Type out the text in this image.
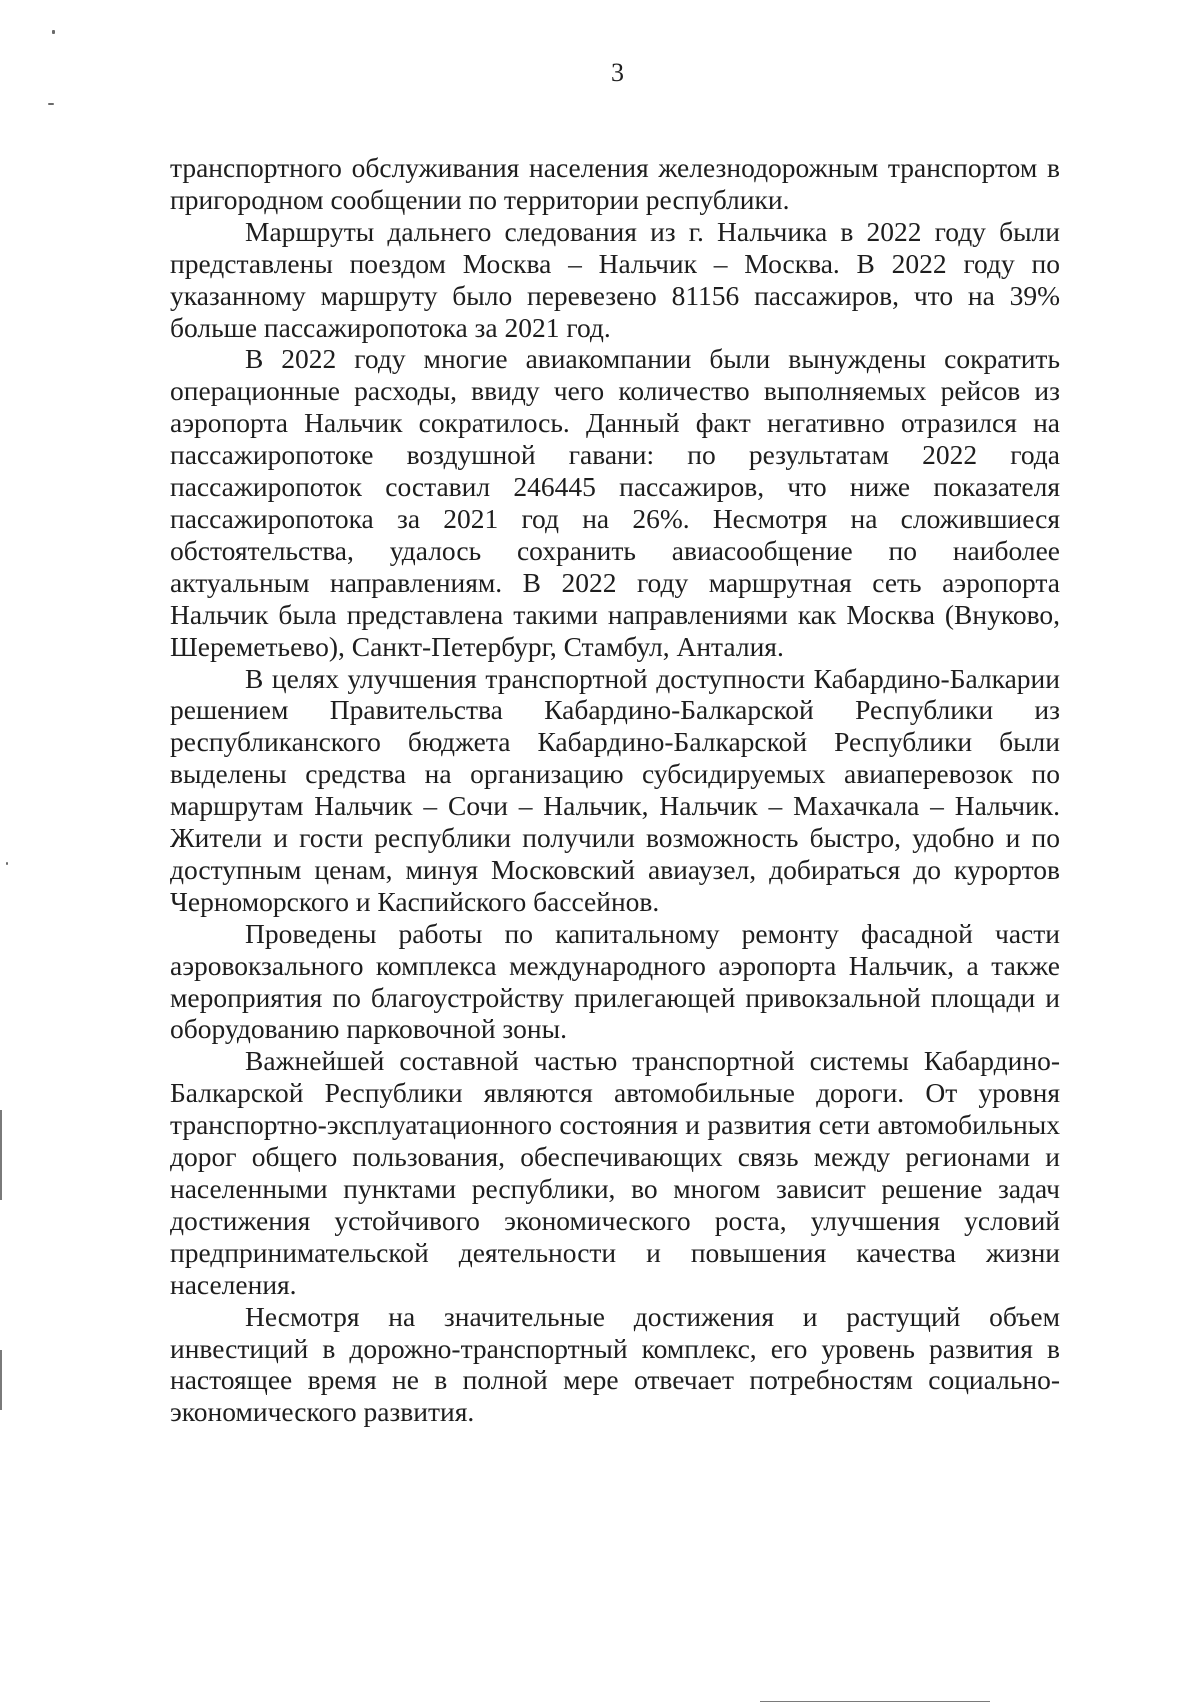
3

транспортного обслуживания населения железнодорожным транспортом в пригородном сообщении по территории республики.

Маршруты дальнего следования из г. Нальчика в 2022 году были представлены поездом Москва – Нальчик – Москва. В 2022 году по указанному маршруту было перевезено 81156 пассажиров, что на 39% больше пассажиропотока за 2021 год.

В 2022 году многие авиакомпании были вынуждены сократить операционные расходы, ввиду чего количество выполняемых рейсов из аэропорта Нальчик сократилось. Данный факт негативно отразился на пассажиропотоке воздушной гавани: по результатам 2022 года пассажиропоток составил 246445 пассажиров, что ниже показателя пассажиропотока за 2021 год на 26%. Несмотря на сложившиеся обстоятельства, удалось сохранить авиасообщение по наиболее актуальным направлениям. В 2022 году маршрутная сеть аэропорта Нальчик была представлена такими направлениями как Москва (Внуково, Шереметьево), Санкт-Петербург, Стамбул, Анталия.

В целях улучшения транспортной доступности Кабардино-Балкарии решением Правительства Кабардино-Балкарской Республики из республиканского бюджета Кабардино-Балкарской Республики были выделены средства на организацию субсидируемых авиаперевозок по маршрутам Нальчик – Сочи – Нальчик, Нальчик – Махачкала – Нальчик. Жители и гости республики получили возможность быстро, удобно и по доступным ценам, минуя Московский авиаузел, добираться до курортов Черноморского и Каспийского бассейнов.

Проведены работы по капитальному ремонту фасадной части аэровокзального комплекса международного аэропорта Нальчик, а также мероприятия по благоустройству прилегающей привокзальной площади и оборудованию парковочной зоны.

Важнейшей составной частью транспортной системы Кабардино-Балкарской Республики являются автомобильные дороги. От уровня транспортно-эксплуатационного состояния и развития сети автомобильных дорог общего пользования, обеспечивающих связь между регионами и населенными пунктами республики, во многом зависит решение задач достижения устойчивого экономического роста, улучшения условий предпринимательской деятельности и повышения качества жизни населения.

Несмотря на значительные достижения и растущий объем инвестиций в дорожно-транспортный комплекс, его уровень развития в настоящее время не в полной мере отвечает потребностям социально-экономического развития.
